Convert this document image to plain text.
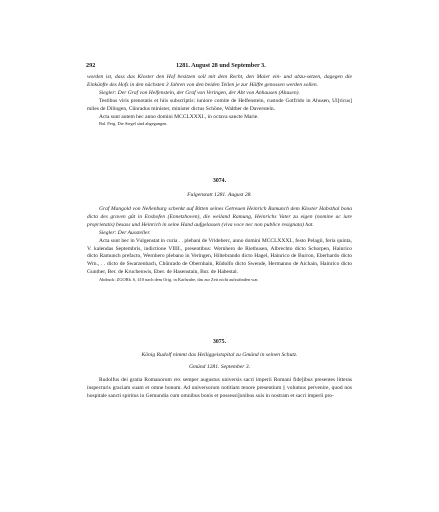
292	1281. August 28 und September 3.

worden ist, dass das Kloster den Hof besitzen soll mit dem Recht, den Maier ein- und abzu-setzen, dagegen die Einkünfte des Hofs in den nächsten 3 Jahren von den beiden Teilen je zur Hälfte genossen werden sollen.

Siegler: Der Graf von Helfenstein, der Graf von Veringen, der Abt von Anhausen (Ahusen).

Testibus viris prenotatis et hiis subscriptis: iuniore comite de Helfenstein, custode Gotfrido in Ahusen, Ul[ricus] miles de Dilingen, Cůnradus minister, minister dictus Schöne, Walther de Daverstein.

Acta sunt autem hec anno domini MCCLXXXI., in octava sancte Marie.

Bal. Perg. Die Siegel sind abgegangen.

3074.
Fulgenstatt 1281. August 28.

Graf Mangold von Nellenburg schenkt auf Bitten seines Getreuen Heinrich Ramunch dem Kloster Habsthal bona dicta des graven gůt in Enshofen (Ennetzhoven), die weiland Ramung, Heinrichs Vater zu eigen (nomine ac iure proprietatis) besass und Heinrich in seine Hand aufgelassen (viva voce nec non publice resignata) hat.

Siegler: Der Aussteller.

Acta sunt hec in Vulgenstat in curia . . plebani de Vrideberc, anno domini MCCLXXXI., festo Pelagii, feria quinta, V. kalendas Septembris, indictione VIIII., presentibus: Wernhero de Riethusen, Albrechto dicto Schorpen, Hainrico dicto Ramunch prefacto, Wernhero plebano in Veringen, Hiltebrando dicto Hagel, Hainrico de Burron, Eberhardo dicto Wrn., . . dicto de Swarzenbach, Chůnrado de Obernhain, Rǔdolfo dicto Swende, Hermanno de Aichain, Hainrico dicto Gunther, Ber. de Kruchenwis, Eber. de Hasenstain, Bur. de Habestal.

Abdruck: ZGORh. 6, 410 nach dem Orig. in Karlsruhe, das zur Zeit nicht aufzufinden war.

3075.
König Rudolf nimmt das Heiliggeistspital zu Gmünd in seinen Schutz.
Gmünd 1281. September 3.

Rudolfus dei gratia Romanorum rex semper augustus universis sacri imperii Romani fide]ibus presentes litteras inspecturis graciam suam et omne bonum. Ad universorum notitiam tenore presentium || volumus pervenire, quod nos hospitale sancti spiritus in Gemundia cum omnibus bonis et possessi]onibus suis in nostram et sacri imperii pro-
